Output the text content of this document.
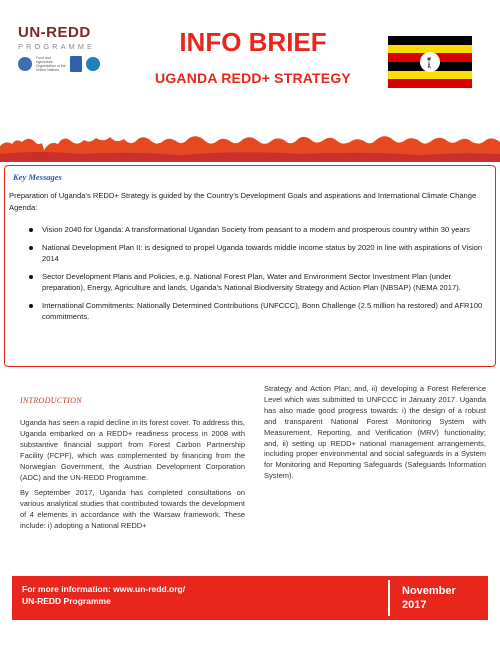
UN-REDD
PROGRAMME
Food and Agriculture Organization of the United Nations
INFO BRIEF
UGANDA REDD+ STRATEGY
Key Messages
Preparation of Uganda’s REDD+ Strategy is guided by the Country’s Development Goals and aspirations and International Climate Change Agenda:
Vision 2040 for Uganda: A transformational Ugandan Society from peasant to a modern and prosperous country within 30 years
National Development Plan II: is designed to propel Uganda towards middle income status by 2020 in line with aspirations of Vision 2014
Sector Development Plans and Policies, e.g. National Forest Plan, Water and Environment Sector Investment Plan (under preparation), Energy, Agriculture and lands, Uganda’s National Biodiversity Strategy and Action Plan (NBSAP) (NEMA 2017).
International Commitments: Nationally Determined Contributions (UNFCCC), Bonn Challenge (2.5 million ha restored) and AFR100 commitments.
INTRODUCTION

Uganda has seen a rapid decline in its forest cover. To address this, Uganda embarked on a REDD+ readiness process in 2008 with substantive financial support from Forest Carbon Partnership Facility (FCPF), which was complemented by financing from the Norwegian Government, the Austrian Development Corporation (ADC) and the UN-REDD Programme.

By September 2017, Uganda has completed consultations on various analytical studies that contributed towards the development of 4 elements in accordance with the Warsaw framework. These include: i) adopting a National REDD+

Strategy and Action Plan; and, ii) developing a Forest Reference Level which was submitted to UNFCCC in January 2017. Uganda has also made good progress towards: i) the design of a robust and transparent National Forest Monitoring System with Measurement, Reporting, and Verification (MRV) functionality; and, ii) setting up REDD+ national management arrangements, including proper environmental and social safeguards in a System for Monitoring and Reporting Safeguards (Safeguards Information System).

For more information: www.un-redd.org/
UN-REDD Programme
November
2017
